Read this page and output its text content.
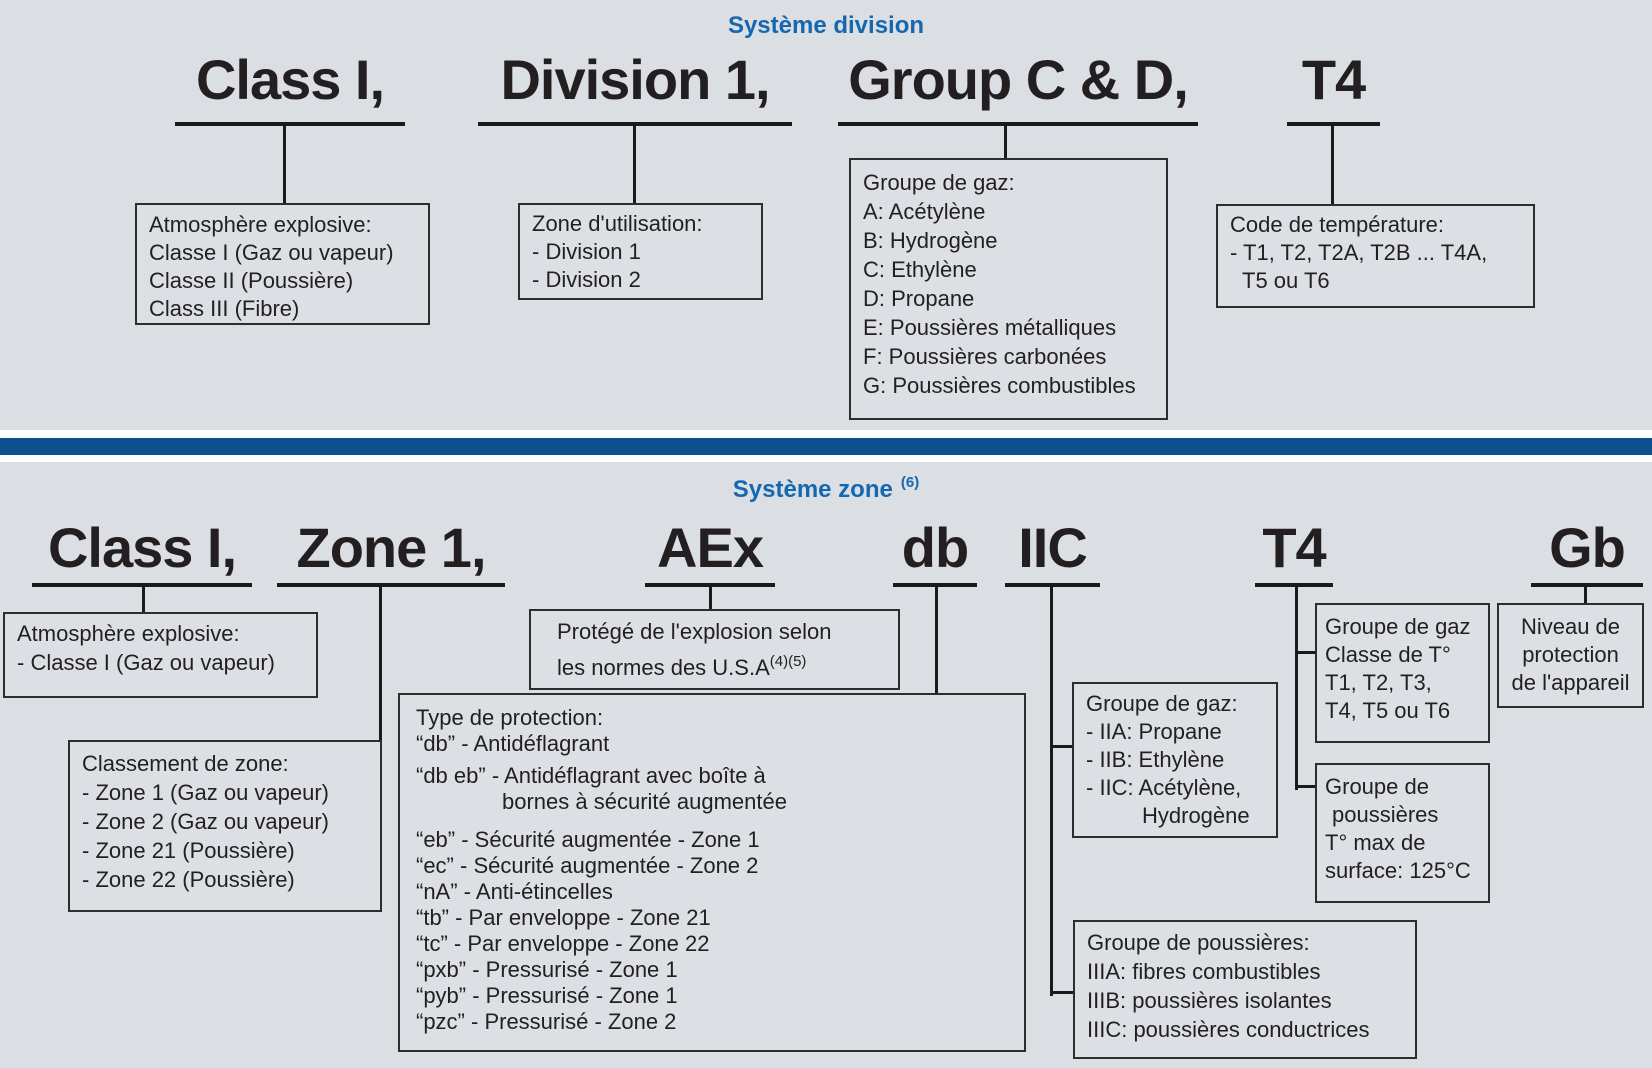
Système division
Class I,	Division 1,	Group C & D, T4
Atmosphère explosive:
Classe I (Gaz ou vapeur)
Classe II (Poussière)
Class III (Fibre)
Zone d'utilisation:
- Division 1
- Division 2
Groupe de gaz:
A: Acétylène
B: Hydrogène
C: Ethylène
D: Propane
E: Poussières métalliques
F: Poussières carbonées
G: Poussières combustibles
Code de température:
- T1, T2, T2A, T2B ... T4A,
T5 ou T6
Système zone $^{(6)}$
Class I,	Zone 1,	AEx db IIC	T4	Gb
Atmosphère explosive:
- Classe I (Gaz ou vapeur)
Classement de zone:
- Zone 1 (Gaz ou vapeur)
- Zone 2 (Gaz ou vapeur)
- Zone 21 (Poussière)
- Zone 22 (Poussière)
Protégé de l'explosion selon
les normes des $U.S.A^{(4)(5)}$
Type de protection:
“db” - Antidéflagrant
“db eb” - Antidéflagrant avec boîte à
bornes à sécurité augmentée
“eb” - Sécurité augmentée - Zone 1
“ec” - Sécurité augmentée - Zone 2
“nA” - Anti-étincelles
“tb” - Par enveloppe - Zone 21
“tc” - Par enveloppe - Zone 22
“pxb” - Pressurisé - Zone 1
“pyb” - Pressurisé - Zone 1
“pzc” - Pressurisé - Zone 2
Groupe de gaz:
- IIA: Propane
- IIB: Ethylène
- IIC: Acétylène,
Hydrogène
Groupe de poussières:
IIIA: fibres combustibles
IIIB: poussières isolantes
IIIC: poussières conductrices
Groupe de gaz
Classe de T°
T1, T2, T3,
T4, T5 ou T6
Groupe de
poussières
T° max de
surface: 125°C
Niveau de
protection
de l'appareil
